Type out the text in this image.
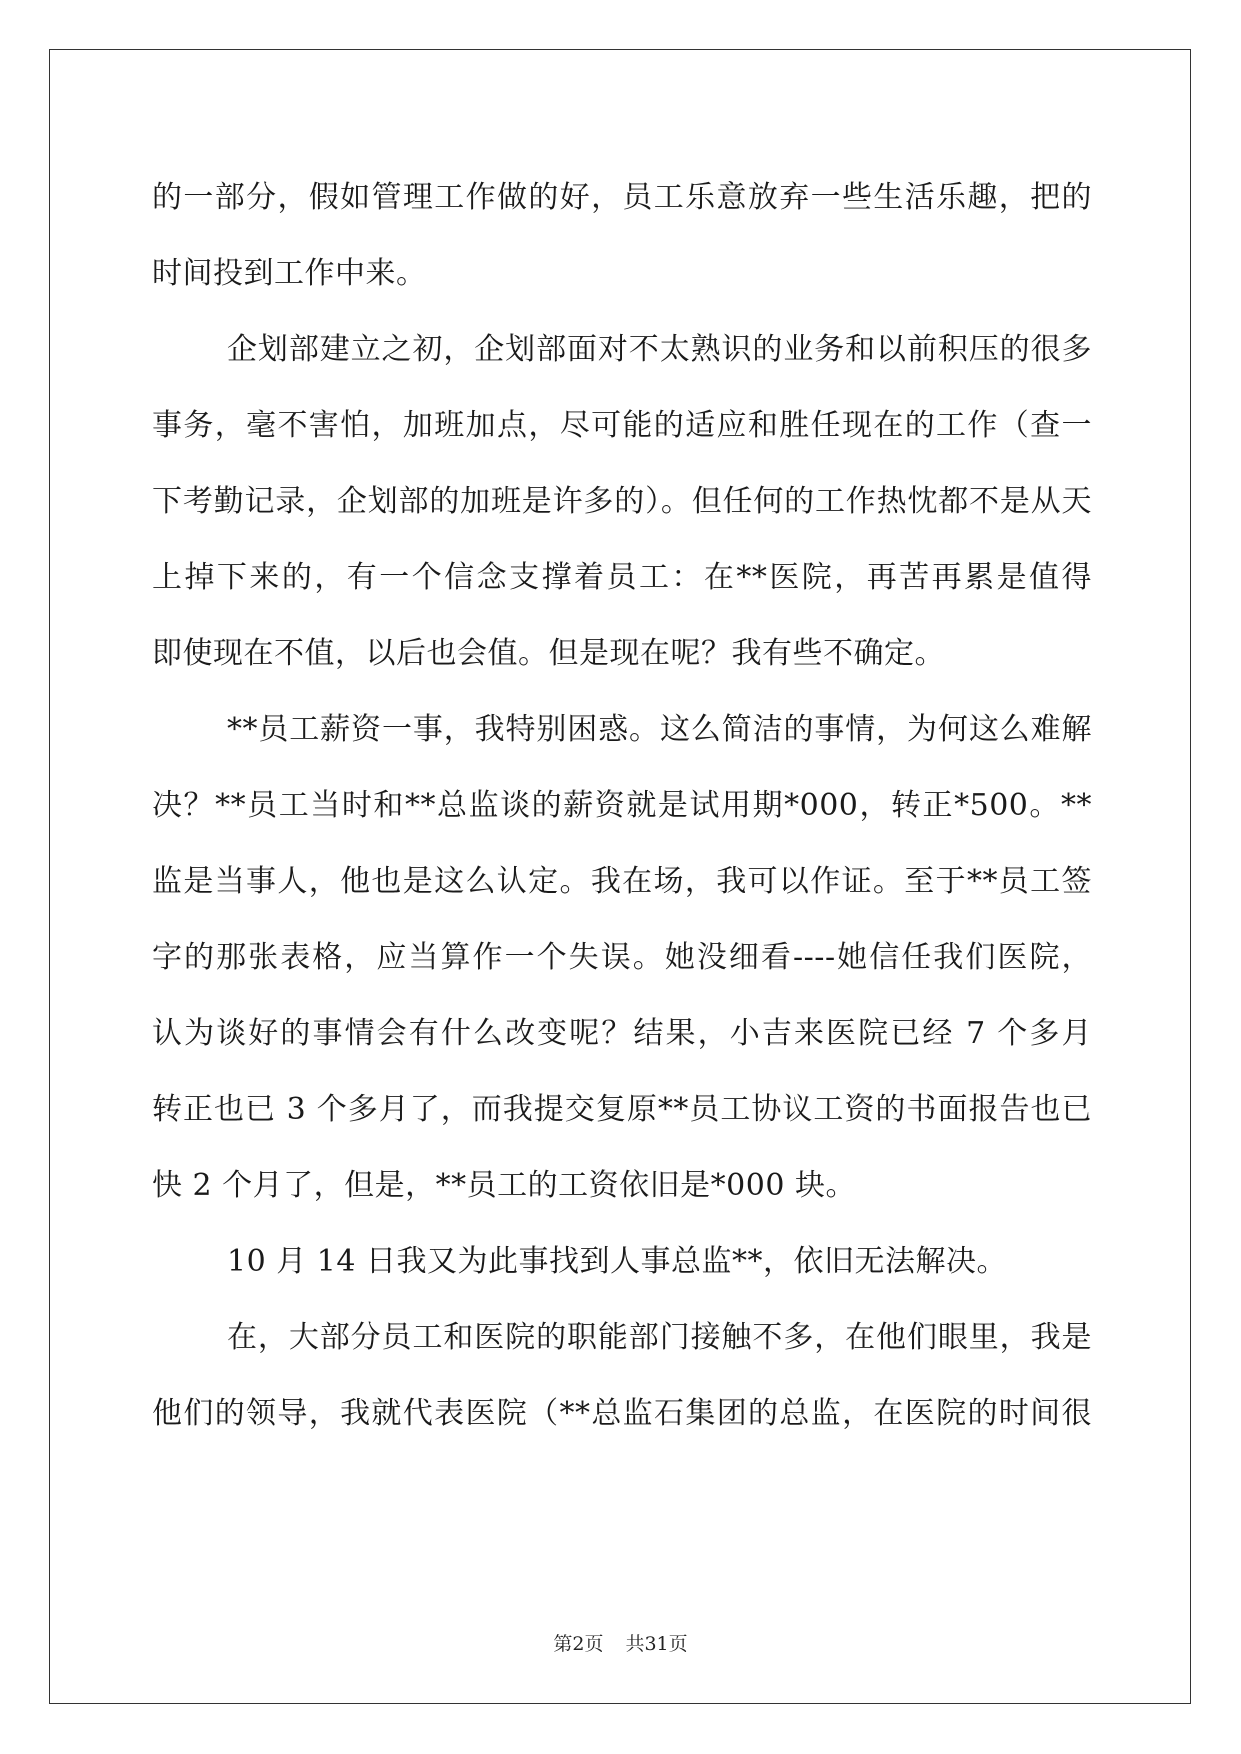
的一部分，假如管理工作做的好，员工乐意放弃一些生活乐趣，把的
时间投到工作中来。
企划部建立之初，企划部面对不太熟识的业务和以前积压的很多
事务，毫不害怕，加班加点，尽可能的适应和胜任现在的工作（查一
下考勤记录，企划部的加班是许多的）。但任何的工作热忱都不是从天
上掉下来的，有一个信念支撑着员工：在**医院，再苦再累是值得
即使现在不值，以后也会值。但是现在呢？我有些不确定。
**员工薪资一事，我特别困惑。这么简洁的事情，为何这么难解
决？**员工当时和**总监谈的薪资就是试用期*000，转正*500。**
监是当事人，他也是这么认定。我在场，我可以作证。至于**员工签
字的那张表格，应当算作一个失误。她没细看----她信任我们医院，
认为谈好的事情会有什么改变呢？结果，小吉来医院已经 7 个多月
转正也已 3 个多月了，而我提交复原**员工协议工资的书面报告也已
快 2 个月了，但是，**员工的工资依旧是*000 块。
10 月 14 日我又为此事找到人事总监**，依旧无法解决。
在，大部分员工和医院的职能部门接触不多，在他们眼里，我是
他们的领导，我就代表医院（**总监石集团的总监，在医院的时间很
第2页 共31页
